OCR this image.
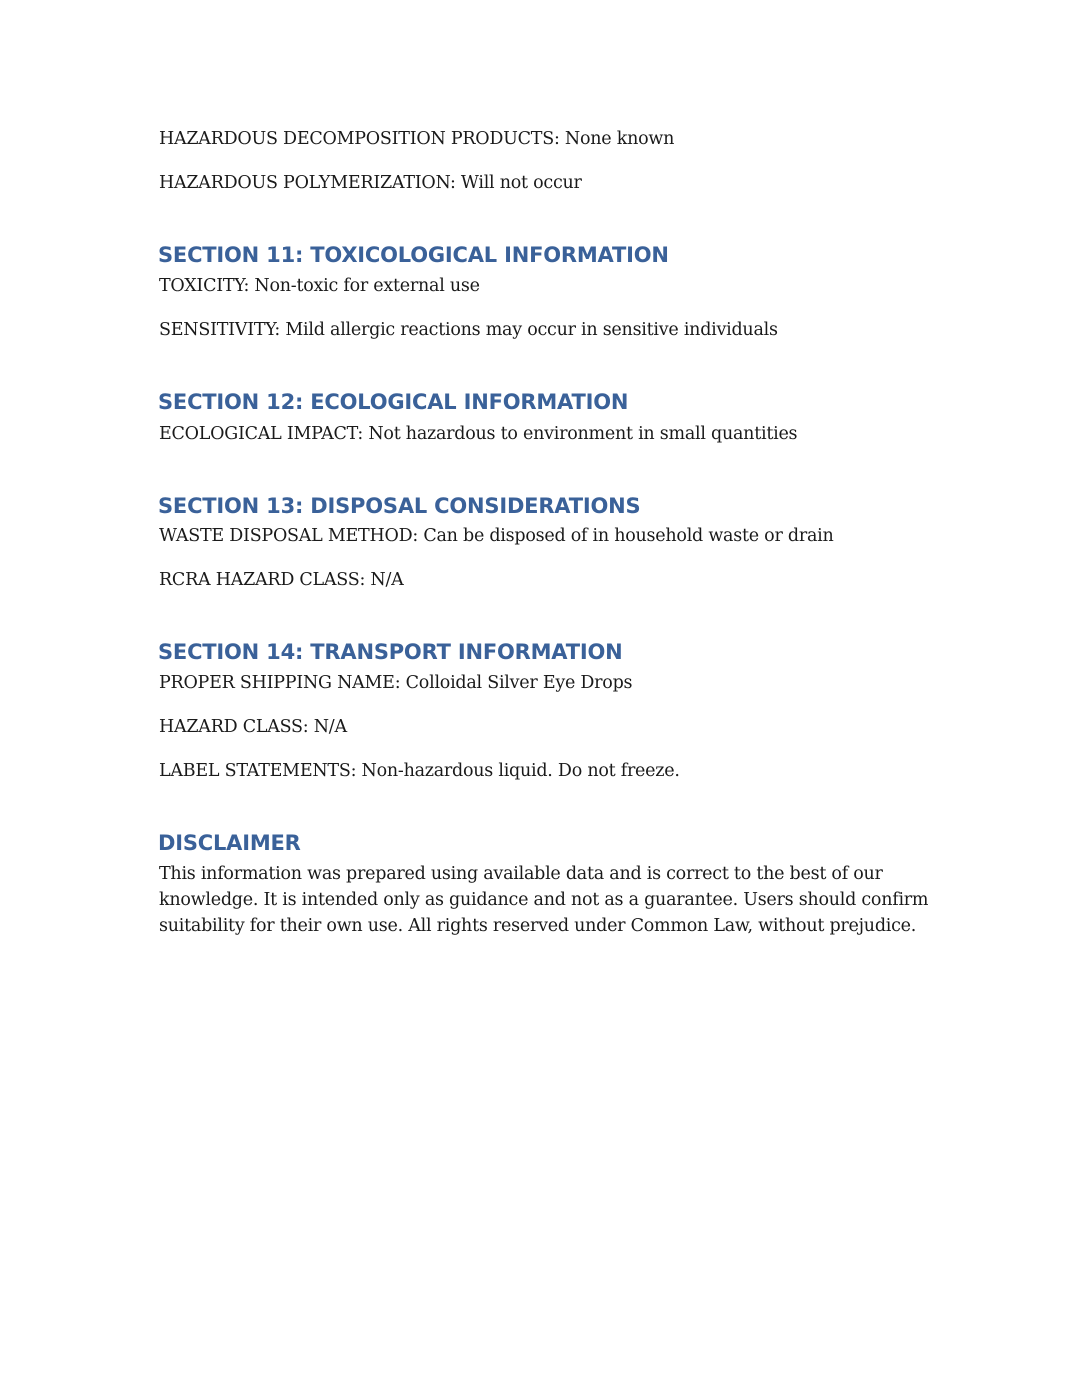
HAZARDOUS DECOMPOSITION PRODUCTS: None known

HAZARDOUS POLYMERIZATION: Will not occur

SECTION 11: TOXICOLOGICAL INFORMATION

TOXICITY: Non-toxic for external use

SENSITIVITY: Mild allergic reactions may occur in sensitive individuals

SECTION 12: ECOLOGICAL INFORMATION

ECOLOGICAL IMPACT: Not hazardous to environment in small quantities

SECTION 13: DISPOSAL CONSIDERATIONS

WASTE DISPOSAL METHOD: Can be disposed of in household waste or drain

RCRA HAZARD CLASS: N/A

SECTION 14: TRANSPORT INFORMATION

PROPER SHIPPING NAME: Colloidal Silver Eye Drops

HAZARD CLASS: N/A

LABEL STATEMENTS: Non-hazardous liquid. Do not freeze.

DISCLAIMER

This information was prepared using available data and is correct to the best of our

knowledge. It is intended only as guidance and not as a guarantee. Users should confirm

suitability for their own use. All rights reserved under Common Law, without prejudice.
